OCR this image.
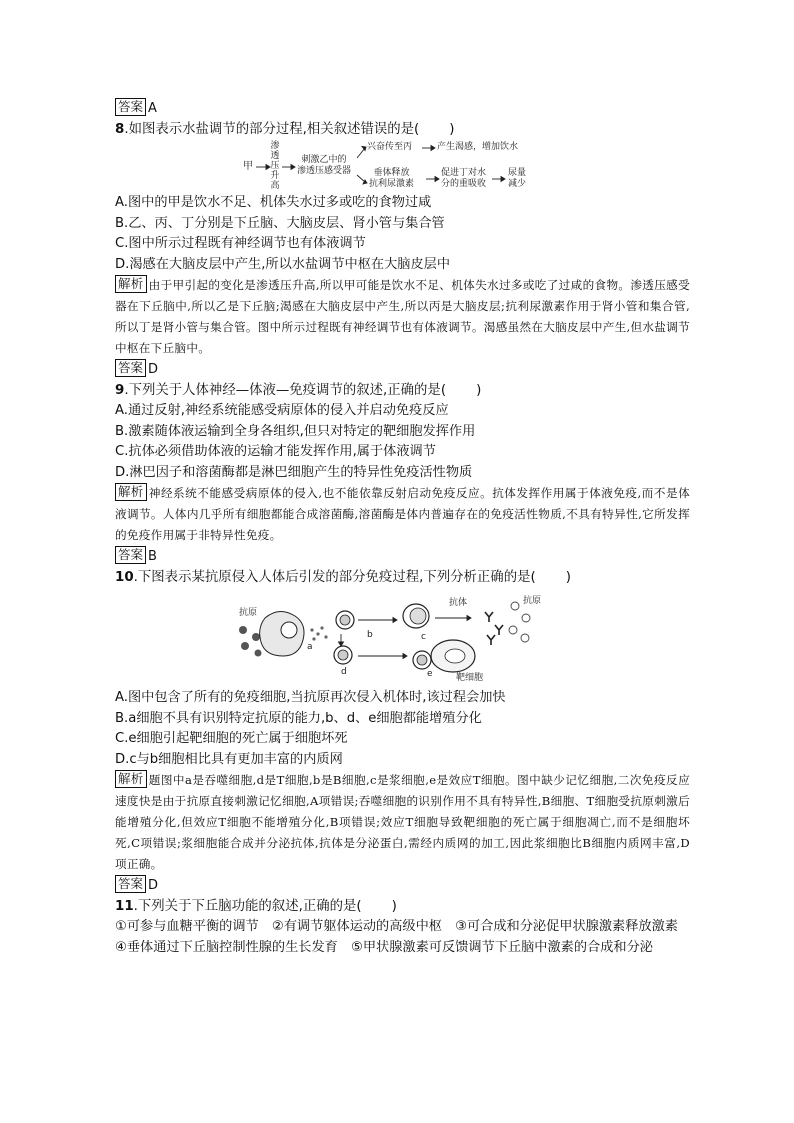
答案 A
8.如图表示水盐调节的部分过程,相关叙述错误的是( )
甲
渗
透
压
升
高
刺激乙中的
渗透压感受器
兴奋传至丙	产生渴感，增加饮水
垂体释放
抗利尿激素
促进丁对水
分的重吸收
尿量
减少
A.图中的甲是饮水不足、机体失水过多或吃的食物过咸
B.乙、丙、丁分别是下丘脑、大脑皮层、肾小管与集合管
C.图中所示过程既有神经调节也有体液调节
D.渴感在大脑皮层中产生,所以水盐调节中枢在大脑皮层中
解析 由于甲引起的变化是渗透压升高,所以甲可能是饮水不足、机体失水过多或吃了过咸的食物。渗透压感受器在下丘脑中,所以乙是下丘脑;渴感在大脑皮层中产生,所以丙是大脑皮层;抗利尿激素作用于肾小管和集合管,所以丁是肾小管与集合管。图中所示过程既有神经调节也有体液调节。渴感虽然在大脑皮层中产生,但水盐调节中枢在下丘脑中。
答案 D
9.下列关于人体神经—体液—免疫调节的叙述,正确的是( )
A.通过反射,神经系统能感受病原体的侵入并启动免疫反应
B.激素随体液运输到全身各组织,但只对特定的靶细胞发挥作用
C.抗体必须借助体液的运输才能发挥作用,属于体液调节
D.淋巴因子和溶菌酶都是淋巴细胞产生的特异性免疫活性物质
解析 神经系统不能感受病原体的侵入,也不能依靠反射启动免疫反应。抗体发挥作用属于体液免疫,而不是体液调节。人体内几乎所有细胞都能合成溶菌酶,溶菌酶是体内普遍存在的免疫活性物质,不具有特异性,它所发挥的免疫作用属于非特异性免疫。
答案 B
10.下图表示某抗原侵入人体后引发的部分免疫过程,下列分析正确的是( )
抗原
抗体	抗原
a
b	c
d	e	靶细胞
A.图中包含了所有的免疫细胞,当抗原再次侵入机体时,该过程会加快
B.a细胞不具有识别特定抗原的能力,b、d、e细胞都能增殖分化
C.e细胞引起靶细胞的死亡属于细胞坏死
D.c与b细胞相比具有更加丰富的内质网
解析 题图中a是吞噬细胞,d是T细胞,b是B细胞,c是浆细胞,e是效应T细胞。图中缺少记忆细胞,二次免疫反应速度快是由于抗原直接刺激记忆细胞,A项错误;吞噬细胞的识别作用不具有特异性,B细胞、T细胞受抗原刺激后能增殖分化,但效应T细胞不能增殖分化,B项错误;效应T细胞导致靶细胞的死亡属于细胞凋亡,而不是细胞坏死,C项错误;浆细胞能合成并分泌抗体,抗体是分泌蛋白,需经内质网的加工,因此浆细胞比B细胞内质网丰富,D项正确。
答案 D
11.下列关于下丘脑功能的叙述,正确的是( )
①可参与血糖平衡的调节　②有调节躯体运动的高级中枢　③可合成和分泌促甲状腺激素释放激素　④垂体通过下丘脑控制性腺的生长发育　⑤甲状腺激素可反馈调节下丘脑中激素的合成和分泌
